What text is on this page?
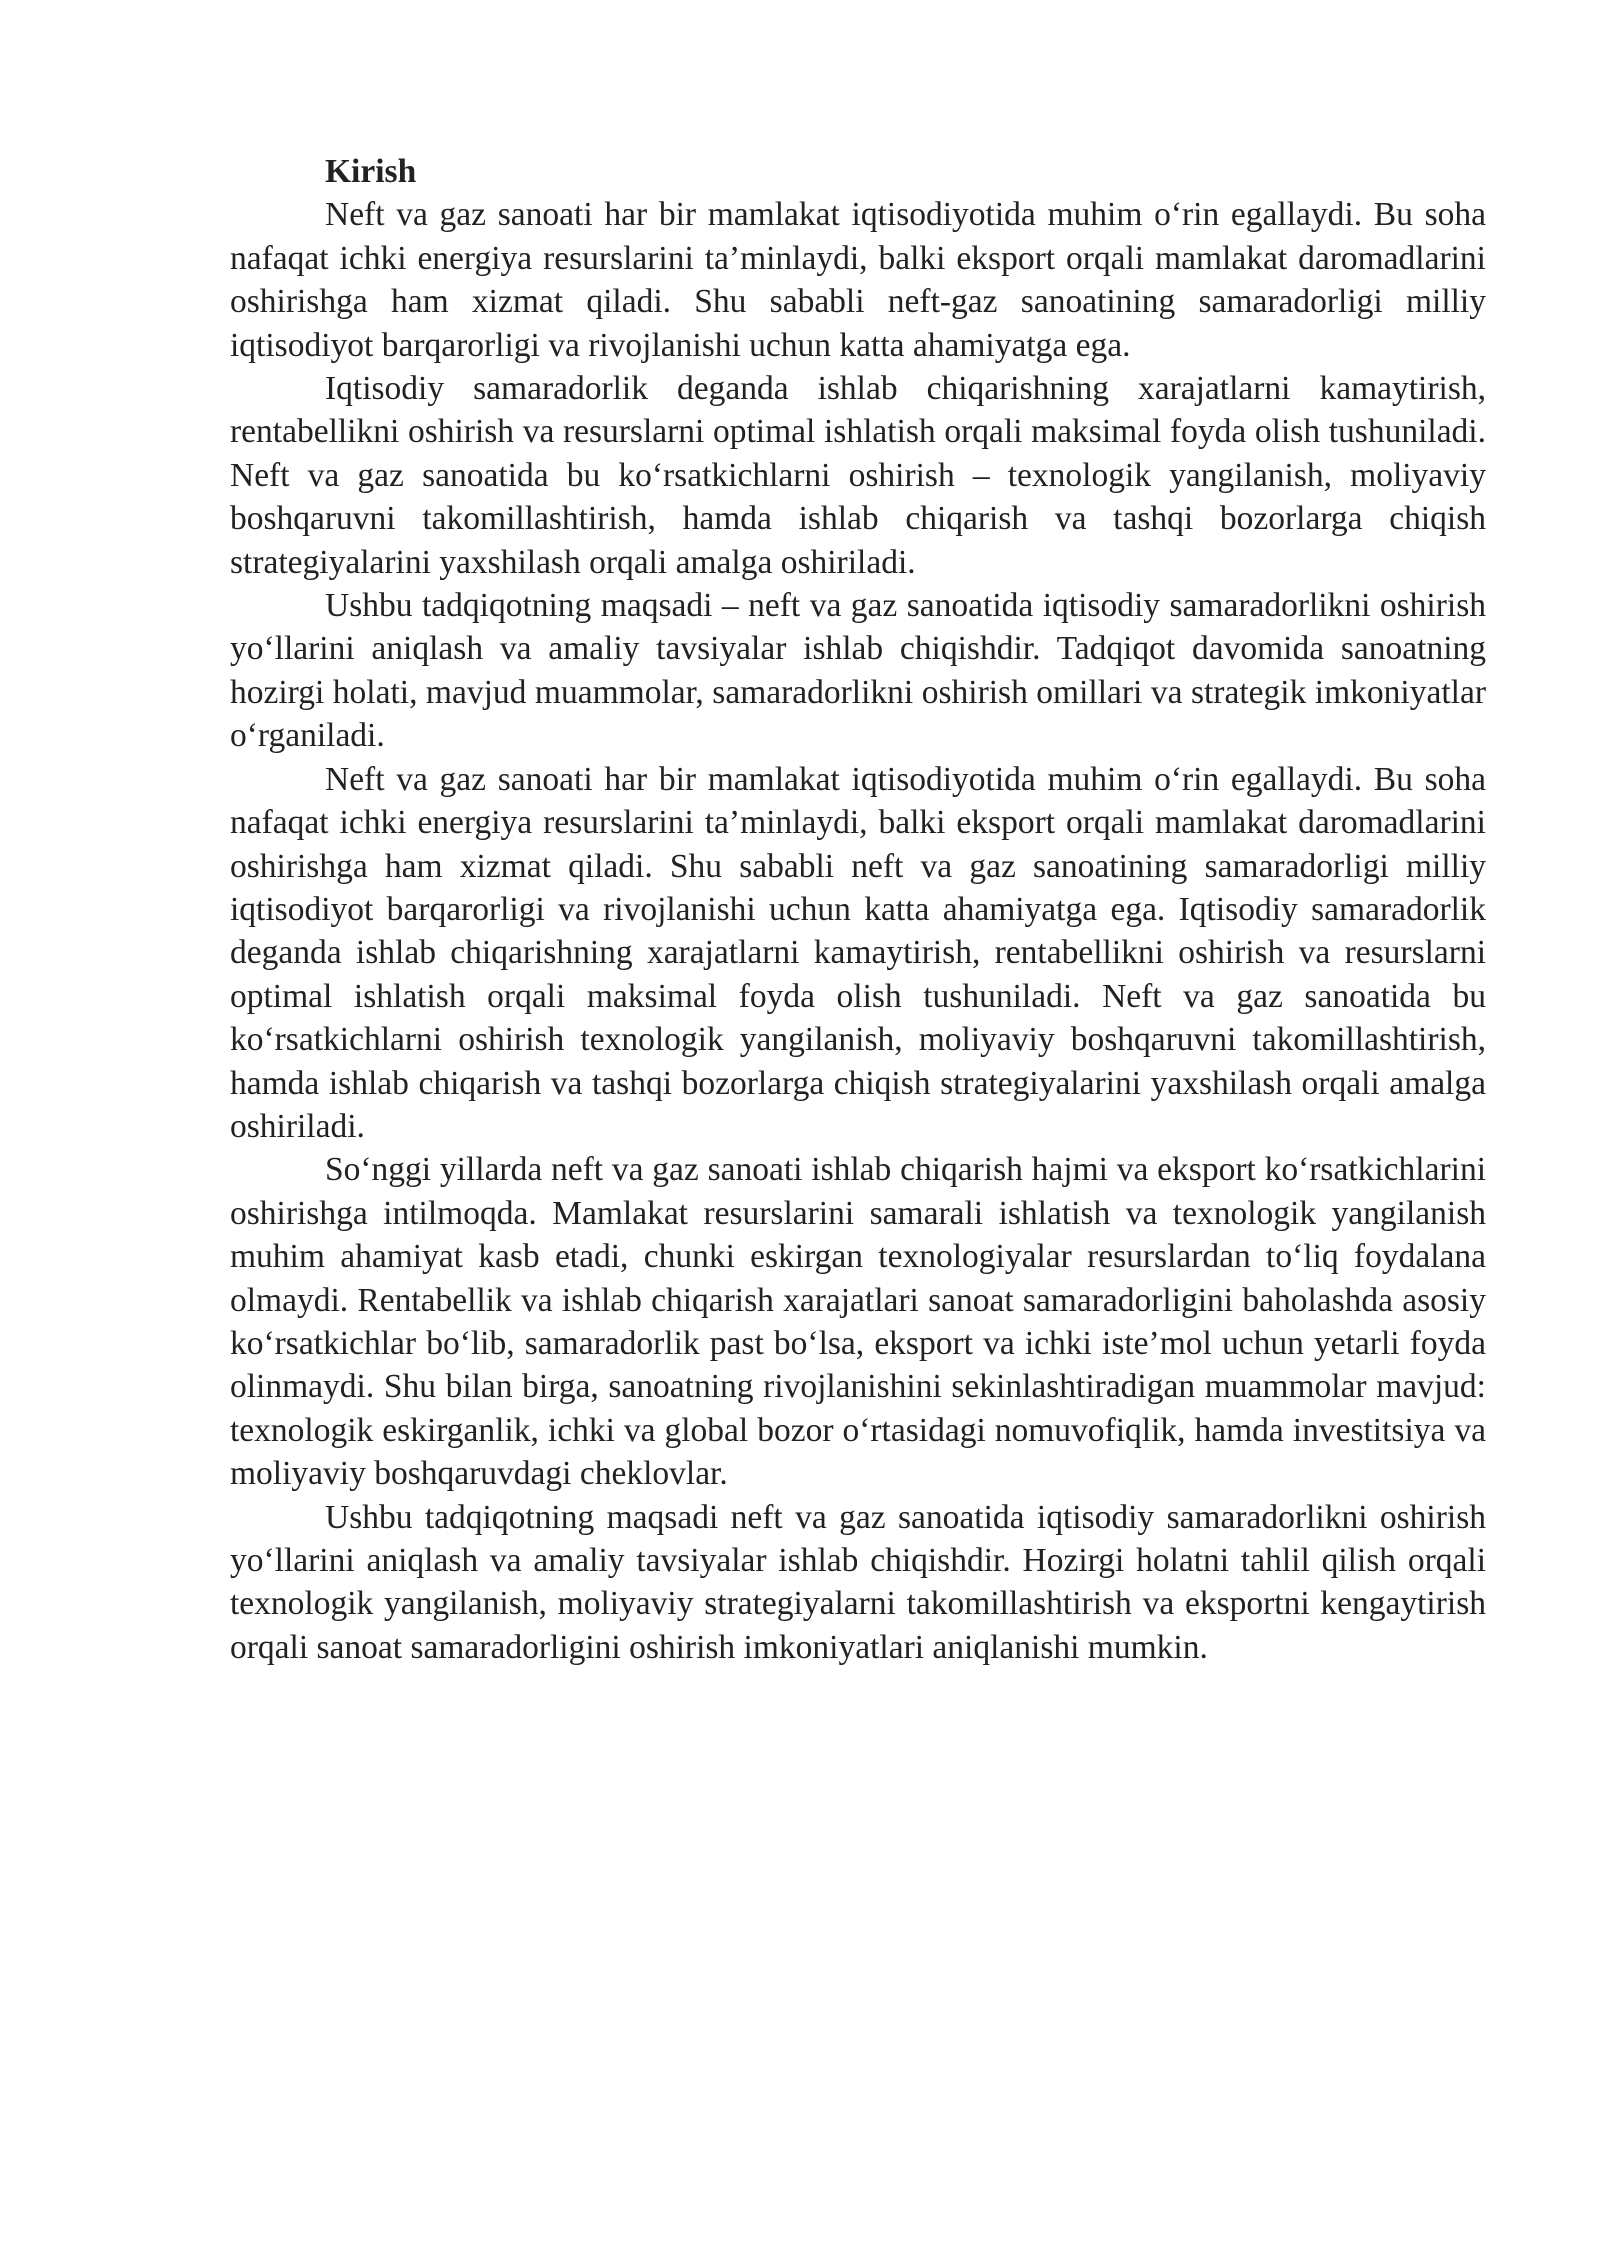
Kirish

Neft va gaz sanoati har bir mamlakat iqtisodiyotida muhim o‘rin egallaydi. Bu soha nafaqat ichki energiya resurslarini ta’minlaydi, balki eksport orqali mamlakat daromadlarini oshirishga ham xizmat qiladi. Shu sababli neft-gaz sanoatining samaradorligi milliy iqtisodiyot barqarorligi va rivojlanishi uchun katta ahamiyatga ega.

Iqtisodiy samaradorlik deganda ishlab chiqarishning xarajatlarni kamaytirish, rentabellikni oshirish va resurslarni optimal ishlatish orqali maksimal foyda olish tushuniladi. Neft va gaz sanoatida bu ko‘rsatkichlarni oshirish – texnologik yangilanish, moliyaviy boshqaruvni takomillashtirish, hamda ishlab chiqarish va tashqi bozorlarga chiqish strategiyalarini yaxshilash orqali amalga oshiriladi.

Ushbu tadqiqotning maqsadi – neft va gaz sanoatida iqtisodiy samaradorlikni oshirish yo‘llarini aniqlash va amaliy tavsiyalar ishlab chiqishdir. Tadqiqot davomida sanoatning hozirgi holati, mavjud muammolar, samaradorlikni oshirish omillari va strategik imkoniyatlar o‘rganiladi.

Neft va gaz sanoati har bir mamlakat iqtisodiyotida muhim o‘rin egallaydi. Bu soha nafaqat ichki energiya resurslarini ta’minlaydi, balki eksport orqali mamlakat daromadlarini oshirishga ham xizmat qiladi. Shu sababli neft va gaz sanoatining samaradorligi milliy iqtisodiyot barqarorligi va rivojlanishi uchun katta ahamiyatga ega. Iqtisodiy samaradorlik deganda ishlab chiqarishning xarajatlarni kamaytirish, rentabellikni oshirish va resurslarni optimal ishlatish orqali maksimal foyda olish tushuniladi. Neft va gaz sanoatida bu ko‘rsatkichlarni oshirish texnologik yangilanish, moliyaviy boshqaruvni takomillashtirish, hamda ishlab chiqarish va tashqi bozorlarga chiqish strategiyalarini yaxshilash orqali amalga oshiriladi.

So‘nggi yillarda neft va gaz sanoati ishlab chiqarish hajmi va eksport ko‘rsatkichlarini oshirishga intilmoqda. Mamlakat resurslarini samarali ishlatish va texnologik yangilanish muhim ahamiyat kasb etadi, chunki eskirgan texnologiyalar resurslardan to‘liq foydalana olmaydi. Rentabellik va ishlab chiqarish xarajatlari sanoat samaradorligini baholashda asosiy ko‘rsatkichlar bo‘lib, samaradorlik past bo‘lsa, eksport va ichki iste’mol uchun yetarli foyda olinmaydi. Shu bilan birga, sanoatning rivojlanishini sekinlashtiradigan muammolar mavjud: texnologik eskirganlik, ichki va global bozor o‘rtasidagi nomuvofiqlik, hamda investitsiya va moliyaviy boshqaruvdagi cheklovlar.

Ushbu tadqiqotning maqsadi neft va gaz sanoatida iqtisodiy samaradorlikni oshirish yo‘llarini aniqlash va amaliy tavsiyalar ishlab chiqishdir. Hozirgi holatni tahlil qilish orqali texnologik yangilanish, moliyaviy strategiyalarni takomillashtirish va eksportni kengaytirish orqali sanoat samaradorligini oshirish imkoniyatlari aniqlanishi mumkin.
